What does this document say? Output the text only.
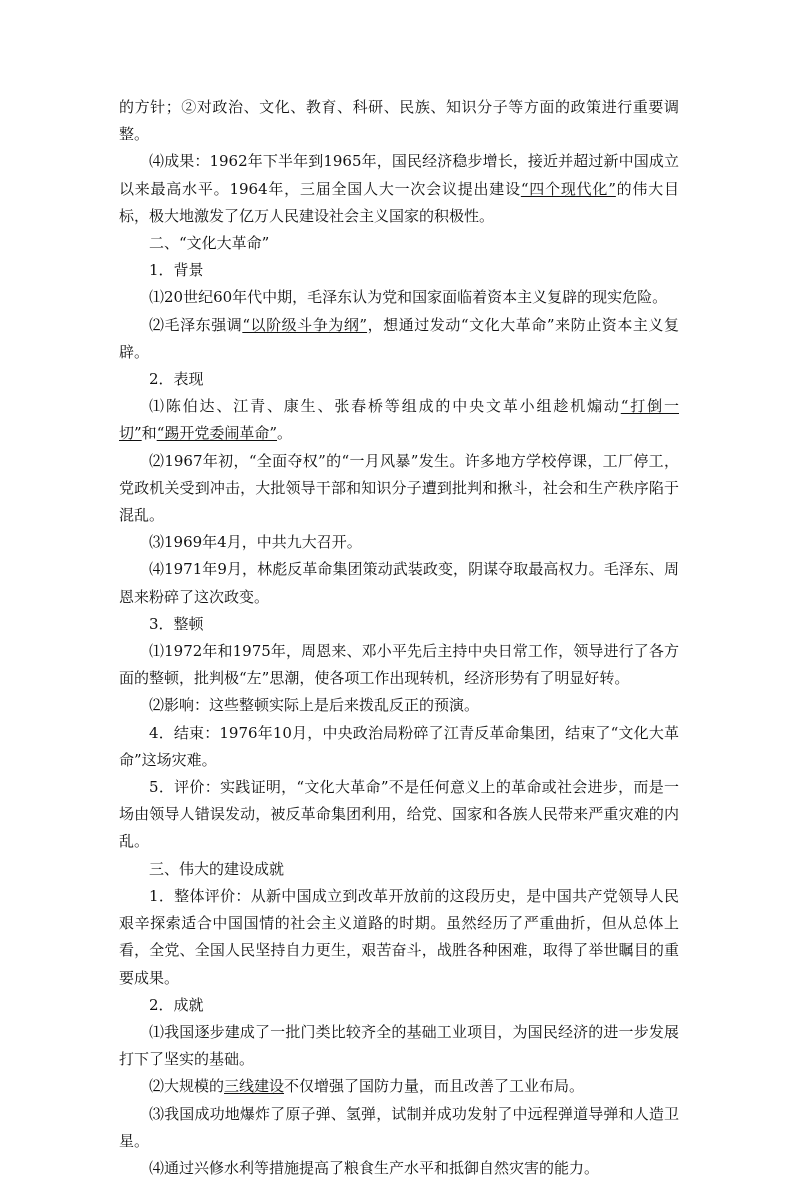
的方针；②对政治、文化、教育、科研、民族、知识分子等方面的政策进行重要调整。

⑷成果：1962年下半年到1965年，国民经济稳步增长，接近并超过新中国成立以来最高水平。1964年，三届全国人大一次会议提出建设“四个现代化”的伟大目标，极大地激发了亿万人民建设社会主义国家的积极性。

二、“文化大革命”

1．背景

⑴20世纪60年代中期，毛泽东认为党和国家面临着资本主义复辟的现实危险。

⑵毛泽东强调“以阶级斗争为纲”，想通过发动“文化大革命”来防止资本主义复辟。

2．表现

⑴陈伯达、江青、康生、张春桥等组成的中央文革小组趁机煽动“打倒一切”和“踢开党委闹革命”。

⑵1967年初，“全面夺权”的“一月风暴”发生。许多地方学校停课，工厂停工，党政机关受到冲击，大批领导干部和知识分子遭到批判和揪斗，社会和生产秩序陷于混乱。

⑶1969年4月，中共九大召开。

⑷1971年9月，林彪反革命集团策动武装政变，阴谋夺取最高权力。毛泽东、周恩来粉碎了这次政变。

3．整顿

⑴1972年和1975年，周恩来、邓小平先后主持中央日常工作，领导进行了各方面的整顿，批判极“左”思潮，使各项工作出现转机，经济形势有了明显好转。

⑵影响：这些整顿实际上是后来拨乱反正的预演。

4．结束：1976年10月，中央政治局粉碎了江青反革命集团，结束了“文化大革命”这场灾难。

5．评价：实践证明，“文化大革命”不是任何意义上的革命或社会进步，而是一场由领导人错误发动，被反革命集团利用，给党、国家和各族人民带来严重灾难的内乱。

三、伟大的建设成就

1．整体评价：从新中国成立到改革开放前的这段历史，是中国共产党领导人民艰辛探索适合中国国情的社会主义道路的时期。虽然经历了严重曲折，但从总体上看，全党、全国人民坚持自力更生，艰苦奋斗，战胜各种困难，取得了举世瞩目的重要成果。

2．成就

⑴我国逐步建成了一批门类比较齐全的基础工业项目，为国民经济的进一步发展打下了坚实的基础。

⑵大规模的三线建设不仅增强了国防力量，而且改善了工业布局。

⑶我国成功地爆炸了原子弹、氢弹，试制并成功发射了中远程弹道导弹和人造卫星。

⑷通过兴修水利等措施提高了粮食生产水平和抵御自然灾害的能力。
